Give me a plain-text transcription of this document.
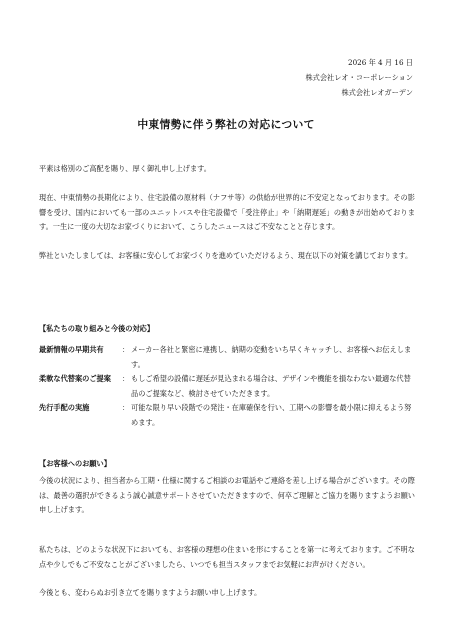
2026 年 4 月 16 日
株式会社レオ・コーポレーション
株式会社レオガーデン
中東情勢に伴う弊社の対応について
平素は格別のご高配を賜り、厚く御礼申し上げます。
現在、中東情勢の長期化により、住宅設備の原材料（ナフサ等）の供給が世界的に不安定となっております。その影響を受け、国内においても一部のユニットバスや住宅設備で「受注停止」や「納期遅延」の動きが出始めております。一生に一度の大切なお家づくりにおいて、こうしたニュースはご不安なことと存じます。
弊社といたしましては、お客様に安心してお家づくりを進めていただけるよう、現在以下の対策を講じております。
【私たちの取り組みと今後の対応】
最新情報の早期共有	： メーカー各社と緊密に連携し、納期の変動をいち早くキャッチし、お客様へお伝えします。
柔軟な代替案のご提案 ： もしご希望の設備に遅延が見込まれる場合は、デザインや機能を損なわない最適な代替品のご提案など、検討させていただきます。
先行手配の実施	： 可能な限り早い段階での発注・在庫確保を行い、工期への影響を最小限に抑えるよう努めます。
【お客様へのお願い】
今後の状況により、担当者から工期・仕様に関するご相談のお電話やご連絡を差し上げる場合がございます。その際は、最善の選択ができるよう誠心誠意サポートさせていただきますので、何卒ご理解とご協力を賜りますようお願い申し上げます。
私たちは、どのような状況下においても、お客様の理想の住まいを形にすることを第一に考えております。ご不明な点や少しでもご不安なことがございましたら、いつでも担当スタッフまでお気軽にお声がけください。
今後とも、変わらぬお引き立てを賜りますようお願い申し上げます。
